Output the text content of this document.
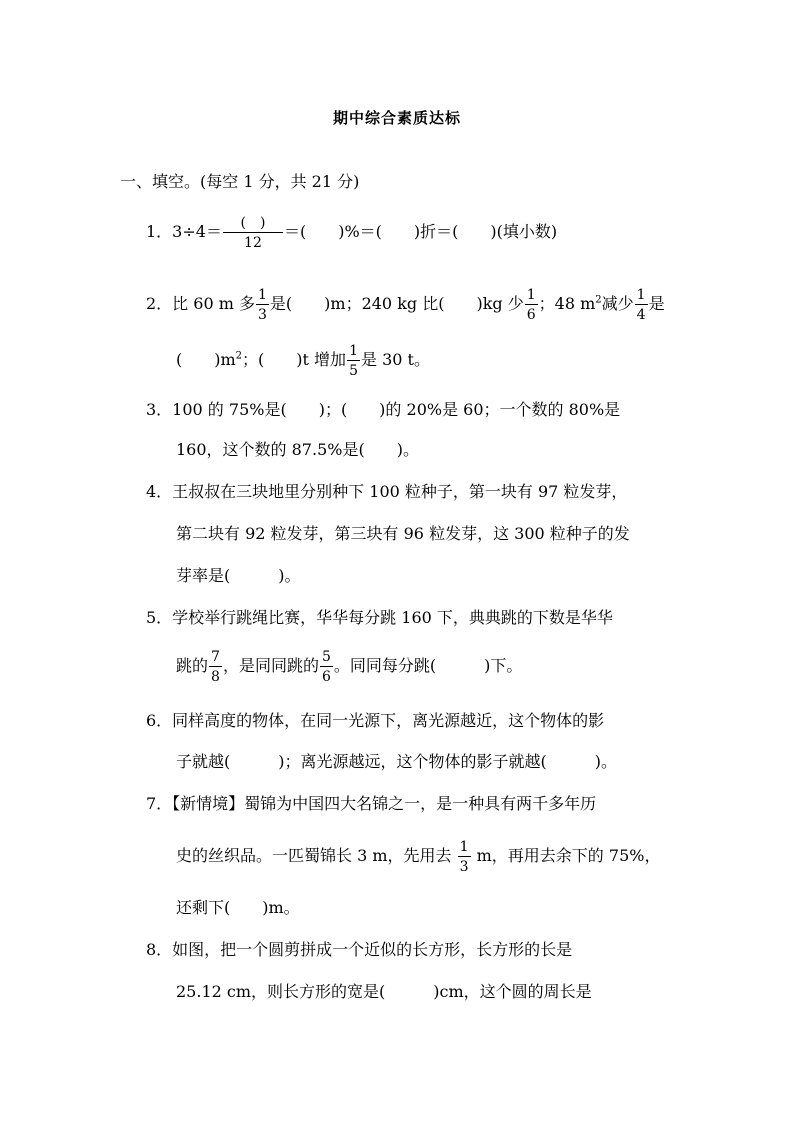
期中综合素质达标
一、填空。(每空 1 分，共 21 分)
1．$3\div 4= \frac{( )}{12}$ ＝(　　)%＝(　　)折＝(　　)(填小数)
2．比 60 m 多 $\frac{1}{3}$ 是(　　)m；240 kg 比(　　)kg 少 $\frac{1}{6}$ ；48 $m^2$减少 $\frac{1}{4}$ 是
(　　)$m^2$；(　　)t 增加 $\frac{1}{5}$ 是 30 t。
3．100 的 75%是(　　)；(　　)的 20%是 60；一个数的 80%是
160，这个数的 87.5%是(　　)。
4．王叔叔在三块地里分别种下 100 粒种子，第一块有 97 粒发芽，
第二块有 92 粒发芽，第三块有 96 粒发芽，这 300 粒种子的发
芽率是(　　　)。
5．学校举行跳绳比赛，华华每分跳 160 下，典典跳的下数是华华
跳的 $\frac{7}{8}$ ，是同同跳的 $\frac{5}{6}$ 。同同每分跳(　　　)下。
6．同样高度的物体，在同一光源下，离光源越近，这个物体的影
子就越(　　　)；离光源越远，这个物体的影子就越(　　　)。
7．【新情境】蜀锦为中国四大名锦之一，是一种具有两千多年历
史的丝织品。一匹蜀锦长 3 m，先用去 $\frac{1}{3}$ m，再用去余下的 75%，
还剩下(　　)m。
8．如图，把一个圆剪拼成一个近似的长方形，长方形的长是
25.12 cm，则长方形的宽是(　　　)cm，这个圆的周长是
